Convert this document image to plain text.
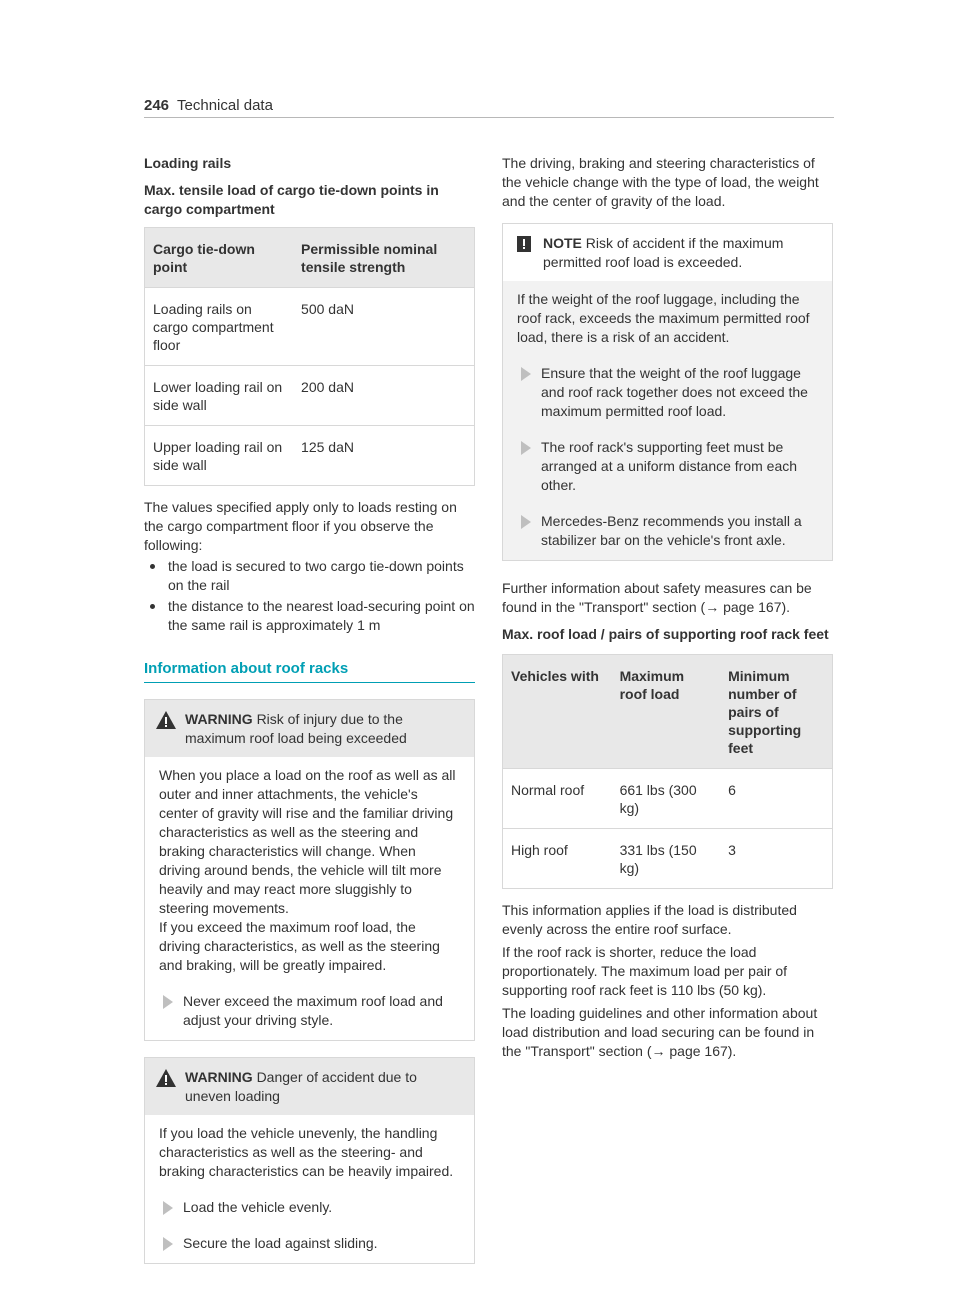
246 Technical data
Loading rails
Max. tensile load of cargo tie-down points in cargo compartment
Cargo tie-down point	Permissible nominal tensile strength
Loading rails on cargo compartment floor	500 daN
Lower loading rail on side wall	200 daN
Upper loading rail on side wall	125 daN
The values specified apply only to loads resting on the cargo compartment floor if you observe the following:
the load is secured to two cargo tie-down points on the rail
the distance to the nearest load-securing point on the same rail is approximately 1 m
Information about roof racks
WARNING Risk of injury due to the maximum roof load being exceeded
When you place a load on the roof as well as all outer and inner attachments, the vehicle's center of gravity will rise and the familiar driving characteristics as well as the steering and braking characteristics will change. When driving around bends, the vehicle will tilt more heavily and may react more sluggishly to steering movements.
If you exceed the maximum roof load, the driving characteristics, as well as the steering and braking, will be greatly impaired.
Never exceed the maximum roof load and adjust your driving style.
WARNING Danger of accident due to uneven loading
If you load the vehicle unevenly, the handling characteristics as well as the steering- and braking characteristics can be heavily impaired.
Load the vehicle evenly.
Secure the load against sliding.
The driving, braking and steering characteristics of the vehicle change with the type of load, the weight and the center of gravity of the load.
NOTE Risk of accident if the maximum permitted roof load is exceeded.
If the weight of the roof luggage, including the roof rack, exceeds the maximum permitted roof load, there is a risk of an accident.
Ensure that the weight of the roof luggage and roof rack together does not exceed the maximum permitted roof load.
The roof rack's supporting feet must be arranged at a uniform distance from each other.
Mercedes-Benz recommends you install a stabilizer bar on the vehicle's front axle.
Further information about safety measures can be found in the "Transport" section (→ page 167).
Max. roof load / pairs of supporting roof rack feet
Vehicles with	Maximum roof load	Minimum number of pairs of supporting feet
Normal roof	661 lbs (300 kg)	6
High roof	331 lbs (150 kg)	3
This information applies if the load is distributed evenly across the entire roof surface.
If the roof rack is shorter, reduce the load proportionately. The maximum load per pair of supporting roof rack feet is 110 lbs (50 kg).
The loading guidelines and other information about load distribution and load securing can be found in the "Transport" section (→ page 167).
